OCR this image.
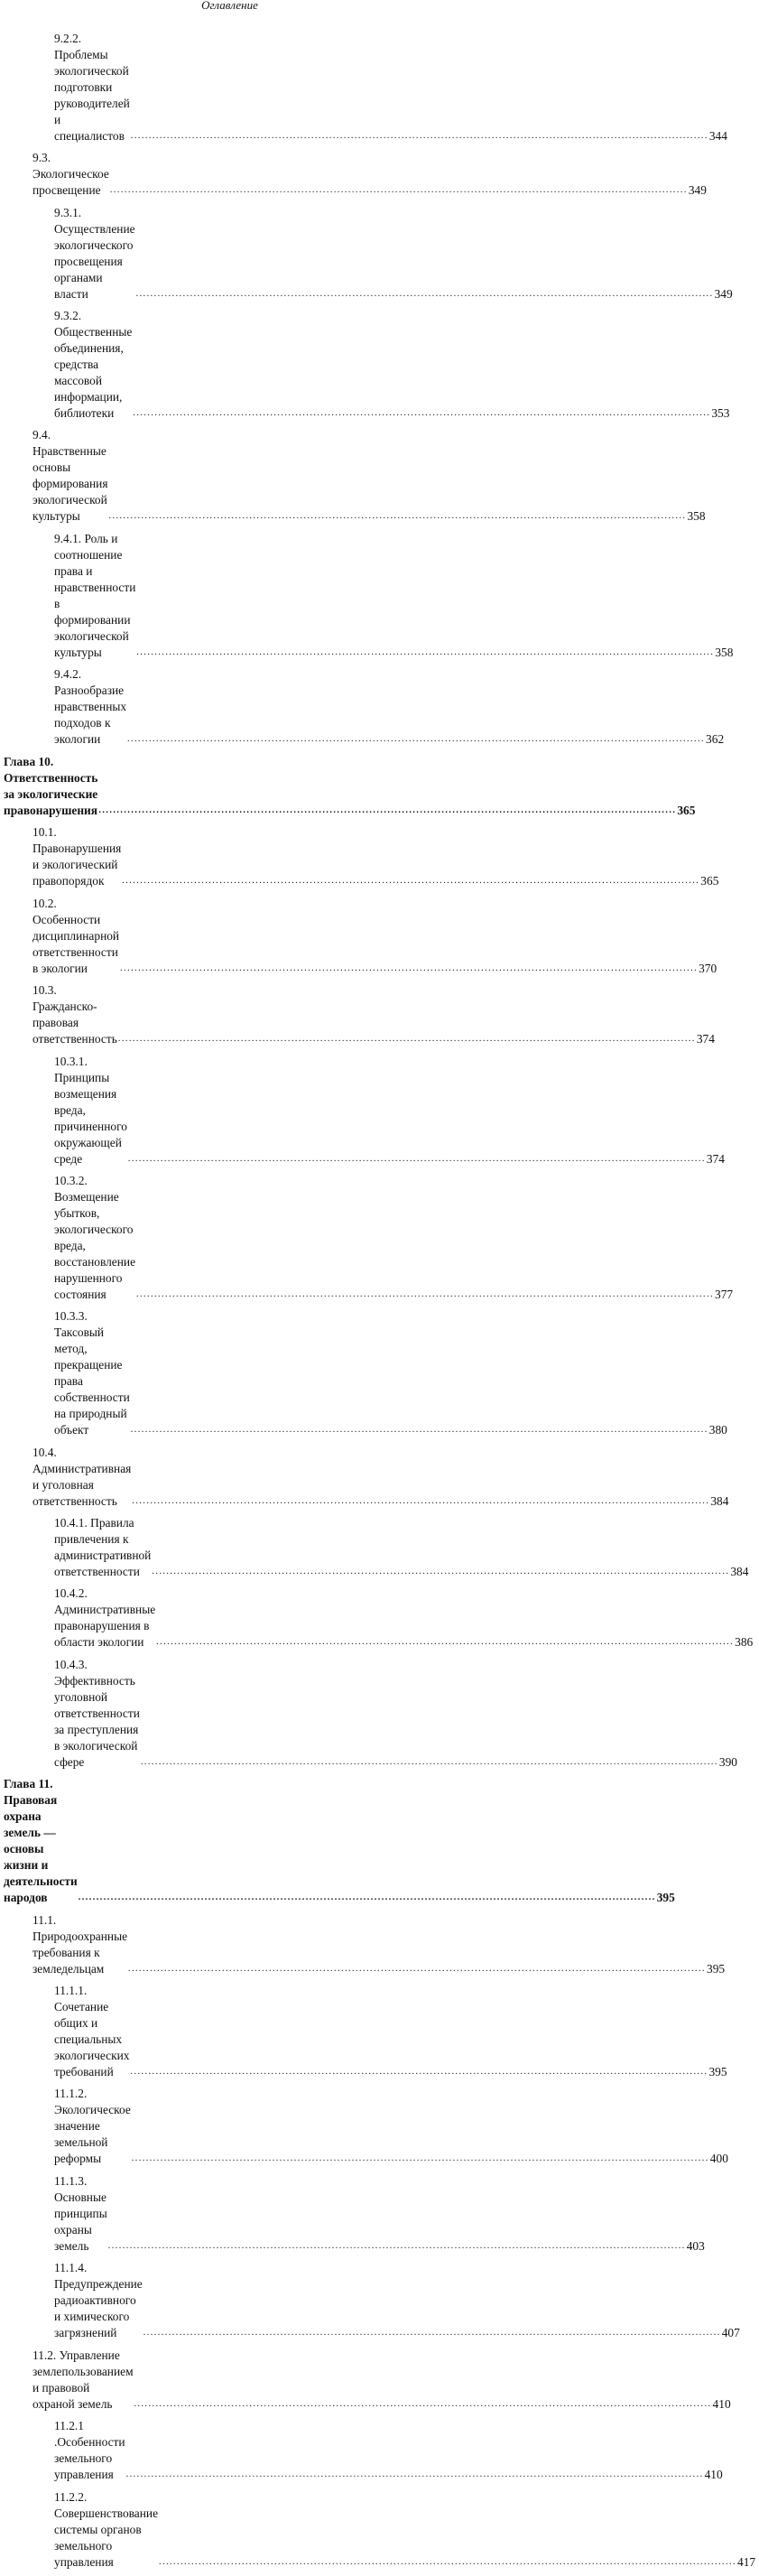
Оглавление
9.2.2. Проблемы экологической подготовки руководителей
и специалистов .....	344
9.3. Экологическое просвещение .....	349
9.3.1. Осуществление экологического просвещения органами
власти .....	349
9.3.2. Общественные объединения, средства массовой
информации, библиотеки .....	353
9.4. Нравственные основы формирования экологической культуры .....	358
9.4.1. Роль и соотношение права и нравственности
в формировании экологической культуры .....	358
9.4.2. Разнообразие нравственных подходов к экологии .....	362
Глава 10. Ответственность за экологические правонарушения .....	365
10.1. Правонарушения и экологический правопорядок .....	365
10.2. Особенности дисциплинарной ответственности в экологии .....	370
10.3. Гражданско-правовая ответственность .....	374
10.3.1. Принципы возмещения вреда, причиненного
окружающей среде .....	374
10.3.2. Возмещение убытков, экологического вреда,
восстановление нарушенного состояния .....	377
10.3.3. Таксовый метод, прекращение права собственности
на природный объект .....	380
10.4. Административная и уголовная ответственность .....	384
10.4.1. Правила привлечения к административной
ответственности .....	384
10.4.2. Административные правонарушения в области экологии .....	386
10.4.3. Эффективность уголовной ответственности
за преступления в экологической сфере .....	390
Глава 11. Правовая охрана земель — основы жизни и деятельности народов .....	395
11.1. Природоохранные требования к земледельцам .....	395
11.1.1. Сочетание общих и специальных экологических
требований .....	395
11.1.2. Экологическое значение земельной реформы .....	400
11.1.3. Основные принципы охраны земель .....	403
11.1.4. Предупреждение радиоактивного и химического
загрязнений .....	407
11.2. Управление землепользованием и правовой охраной земель .....	410
11.2.1 .Особенности земельного управления .....	410
11.2.2. Совершенствование системы органов земельного
управления .....	417
